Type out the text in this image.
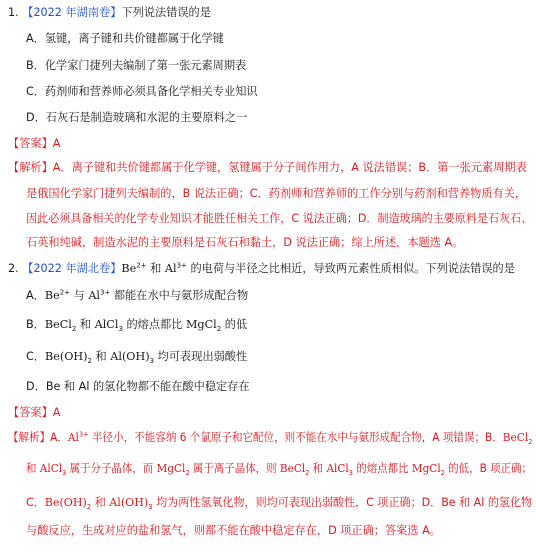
1. 【2022 年湖南卷】下列说法错误的是
A．氢键，离子键和共价键都属于化学键
B．化学家门捷列夫编制了第一张元素周期表
C．药剂师和营养师必须具备化学相关专业知识
D．石灰石是制造玻璃和水泥的主要原料之一
【答案】A
【解析】A．离子键和共价键都属于化学键，氢键属于分子间作用力，A 说法错误；B．第一张元素周期表
是俄国化学家门捷列夫编制的，B 说法正确；C．药剂师和营养师的工作分别与药剂和营养物质有关，
因此必须具备相关的化学专业知识才能胜任相关工作，C 说法正确；D．制造玻璃的主要原料是石灰石、
石英和纯碱，制造水泥的主要原料是石灰石和黏土，D 说法正确；综上所述，本题选 A。
2. 【2022 年湖北卷】$Be^{2+}$ 和 $Al^{3+}$ 的电荷与半径之比相近，导致两元素性质相似。下列说法错误的是
A．$Be^{2+}$ 与 $Al^{3+}$ 都能在水中与氨形成配合物
B．BeCl$_2$ 和 AlCl$_3$ 的熔点都比 MgCl$_2$ 的低
C．$Be(OH)_2$ 和 $Al(OH)_3$ 均可表现出弱酸性
D．Be 和 Al 的氢化物都不能在酸中稳定存在
【答案】A
【解析】A．$Al^{3+}$ 半径小，不能容纳 6 个氯原子和它配位，则不能在水中与氨形成配合物，A 项错误；B．BeCl$_2$
和 AlCl$_3$ 属于分子晶体，而 MgCl$_2$ 属于离子晶体，则 BeCl$_2$ 和 AlCl$_3$ 的熔点都比 MgCl$_2$ 的低，B 项正确；
C．$Be(OH)_2$ 和 $Al(OH)_3$ 均为两性氢氧化物，则均可表现出弱酸性，C 项正确；D．Be 和 Al 的氢化物
与酸反应，生成对应的盐和氢气，则都不能在酸中稳定存在，D 项正确；答案选 A。
